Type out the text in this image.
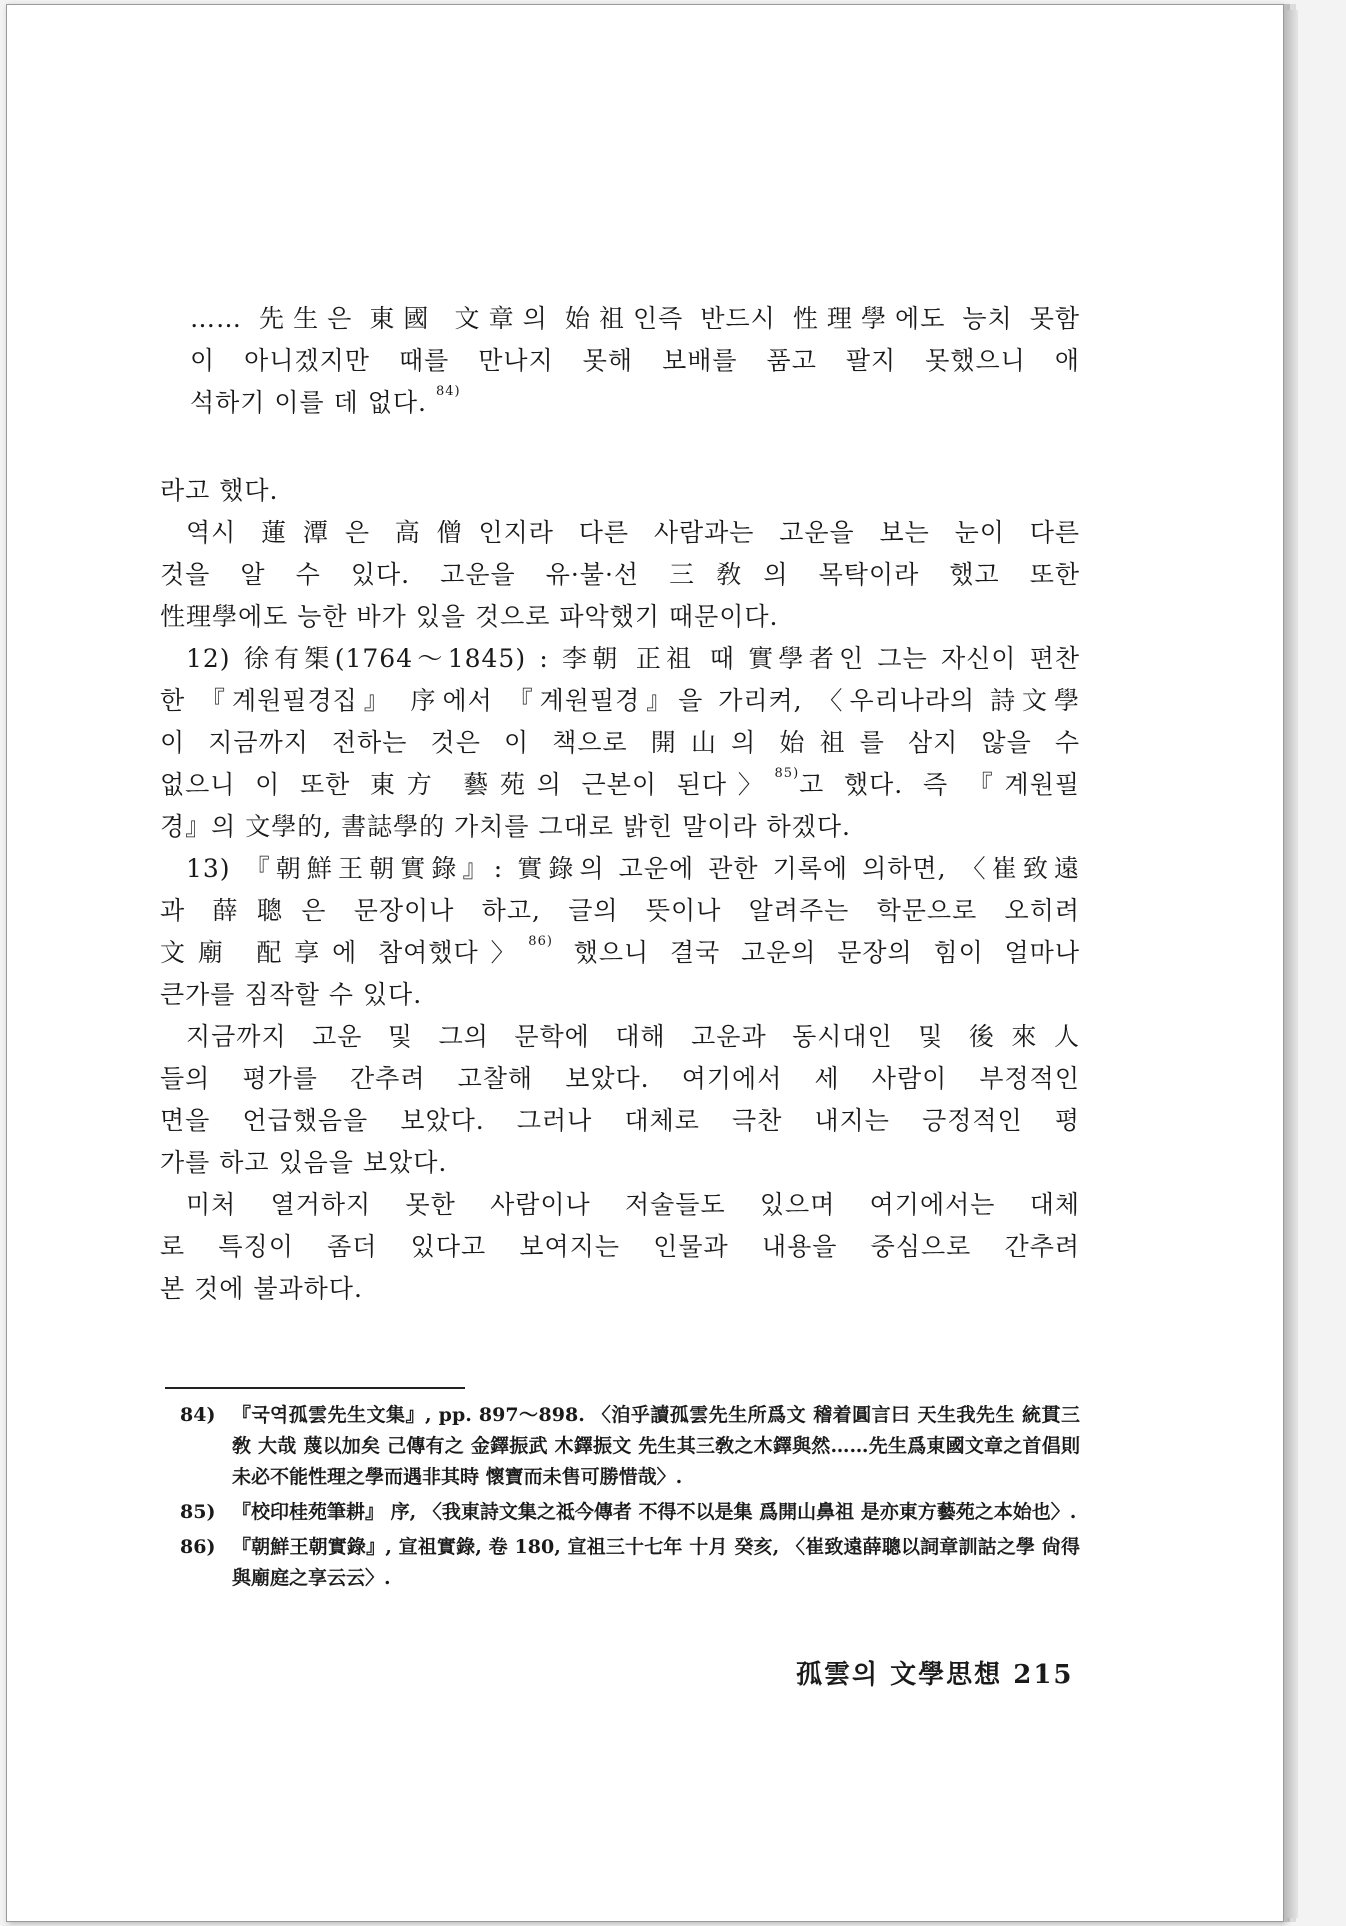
…… 先生은 東國 文章의 始祖인즉 반드시 性理學에도 능치 못함

이 아니겠지만 때를 만나지 못해 보배를 품고 팔지 못했으니 애

석하기 이를 데 없다. $^{84)}$

라고 했다.

역시 蓮潭은 高僧인지라 다른 사람과는 고운을 보는 눈이 다른

것을 알 수 있다. 고운을 유·불·선 三敎의 목탁이라 했고 또한

性理學에도 능한 바가 있을 것으로 파악했기 때문이다.

12) 徐有榘(1764～1845) : 李朝 正祖 때 實學者인 그는 자신이 편찬

한 『계원필경집』 序에서 『계원필경』을 가리켜, 〈우리나라의 詩文學

이 지금까지 전하는 것은 이 책으로 開山의 始祖를 삼지 않을 수

없으니 이 또한 東方 藝苑의 근본이 된다〉$^{85)}$고 했다. 즉 『계원필

경』의 文學的, 書誌學的 가치를 그대로 밝힌 말이라 하겠다.

13) 『朝鮮王朝實錄』: 實錄의 고운에 관한 기록에 의하면, 〈崔致遠

과 薛聰은 문장이나 하고, 글의 뜻이나 알려주는 학문으로 오히려

文廟 配享에 참여했다〉$^{86)}$ 했으니 결국 고운의 문장의 힘이 얼마나

큰가를 짐작할 수 있다.

지금까지 고운 및 그의 문학에 대해 고운과 동시대인 및 後來人

들의 평가를 간추려 고찰해 보았다. 여기에서 세 사람이 부정적인

면을 언급했음을 보았다. 그러나 대체로 극찬 내지는 긍정적인 평

가를 하고 있음을 보았다.

미처 열거하지 못한 사람이나 저술들도 있으며 여기에서는 대체

로 특징이 좀더 있다고 보여지는 인물과 내용을 중심으로 간추려

본 것에 불과하다.

84) 『국역孤雲先生文集』, pp. 897～898. 〈洎乎讀孤雲先生所爲文 稽着圓言曰 天生我先生 統貫三敎 大哉 蔑以加矣 己傳有之 金鐸振武 木鐸振文 先生其三敎之木鐸與然……先生爲東國文章之首倡則未必不能性理之學而遇非其時 懷寶而未售可勝惜哉〉.
85) 『校印桂苑筆耕』 序, 〈我東詩文集之祗今傳者 不得不以是集 爲開山鼻祖 是亦東方藝苑之本始也〉.
86) 『朝鮮王朝實錄』, 宣祖實錄, 卷 180, 宣祖三十七年 十月 癸亥, 〈崔致遠薛聰以詞章訓詁之學 尙得與廟庭之享云云〉.
孤雲의 文學思想 215
